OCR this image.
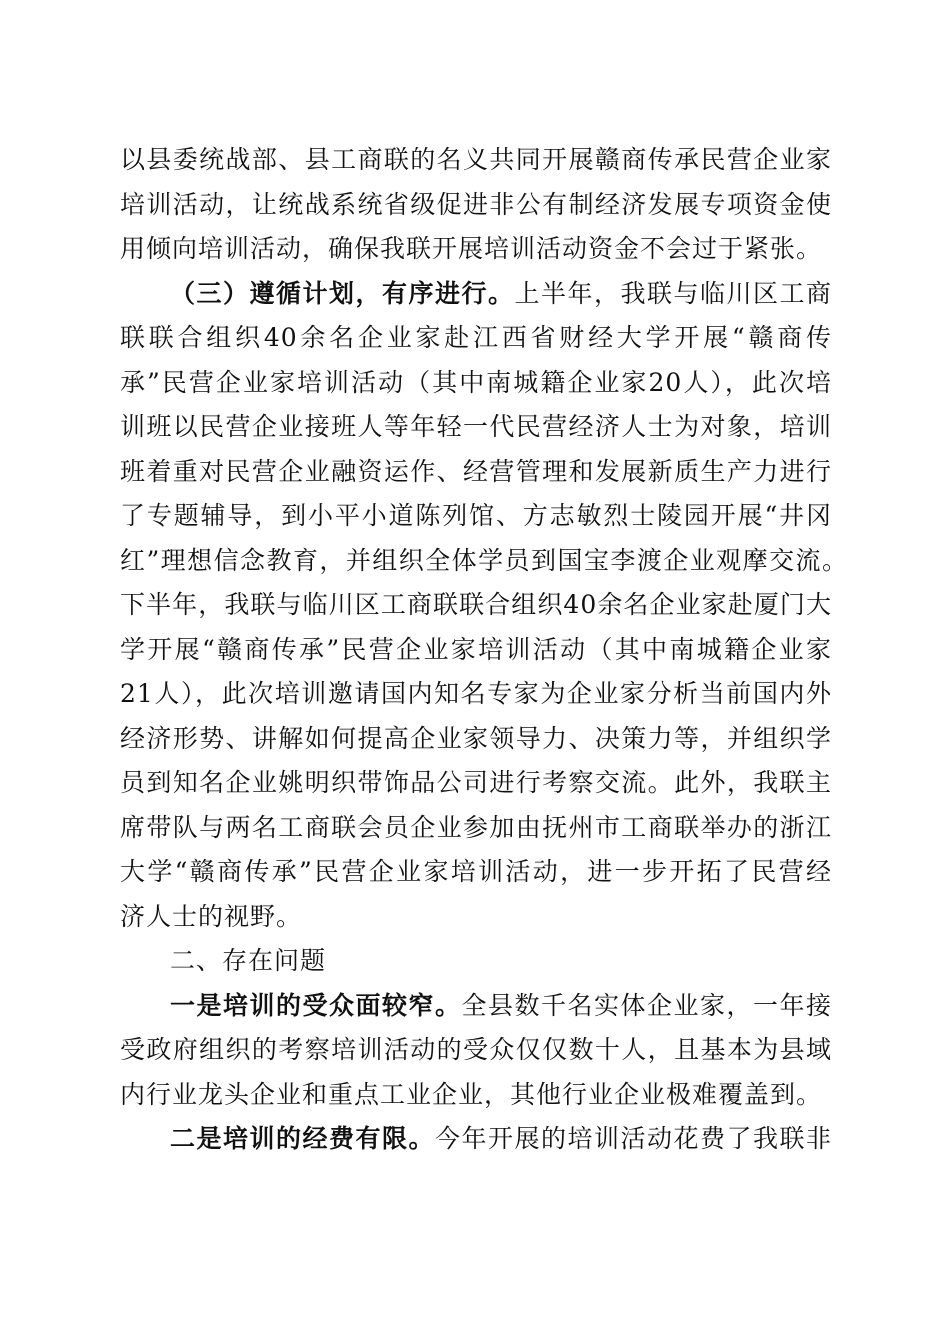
以县委统战部、县工商联的名义共同开展赣商传承民营企业家
培训活动，让统战系统省级促进非公有制经济发展专项资金使
用倾向培训活动，确保我联开展培训活动资金不会过于紧张。
（三）遵循计划，有序进行。上半年，我联与临川区工商
联联合组织40余名企业家赴江西省财经大学开展“赣商传
承”民营企业家培训活动（其中南城籍企业家20人），此次培
训班以民营企业接班人等年轻一代民营经济人士为对象，培训
班着重对民营企业融资运作、经营管理和发展新质生产力进行
了专题辅导，到小平小道陈列馆、方志敏烈士陵园开展“井冈
红”理想信念教育，并组织全体学员到国宝李渡企业观摩交流。
下半年，我联与临川区工商联联合组织40余名企业家赴厦门大
学开展“赣商传承”民营企业家培训活动（其中南城籍企业家
21人），此次培训邀请国内知名专家为企业家分析当前国内外
经济形势、讲解如何提高企业家领导力、决策力等，并组织学
员到知名企业姚明织带饰品公司进行考察交流。此外，我联主
席带队与两名工商联会员企业参加由抚州市工商联举办的浙江
大学“赣商传承”民营企业家培训活动，进一步开拓了民营经
济人士的视野。
二、存在问题
一是培训的受众面较窄。全县数千名实体企业家，一年接
受政府组织的考察培训活动的受众仅仅数十人，且基本为县域
内行业龙头企业和重点工业企业，其他行业企业极难覆盖到。
二是培训的经费有限。今年开展的培训活动花费了我联非
